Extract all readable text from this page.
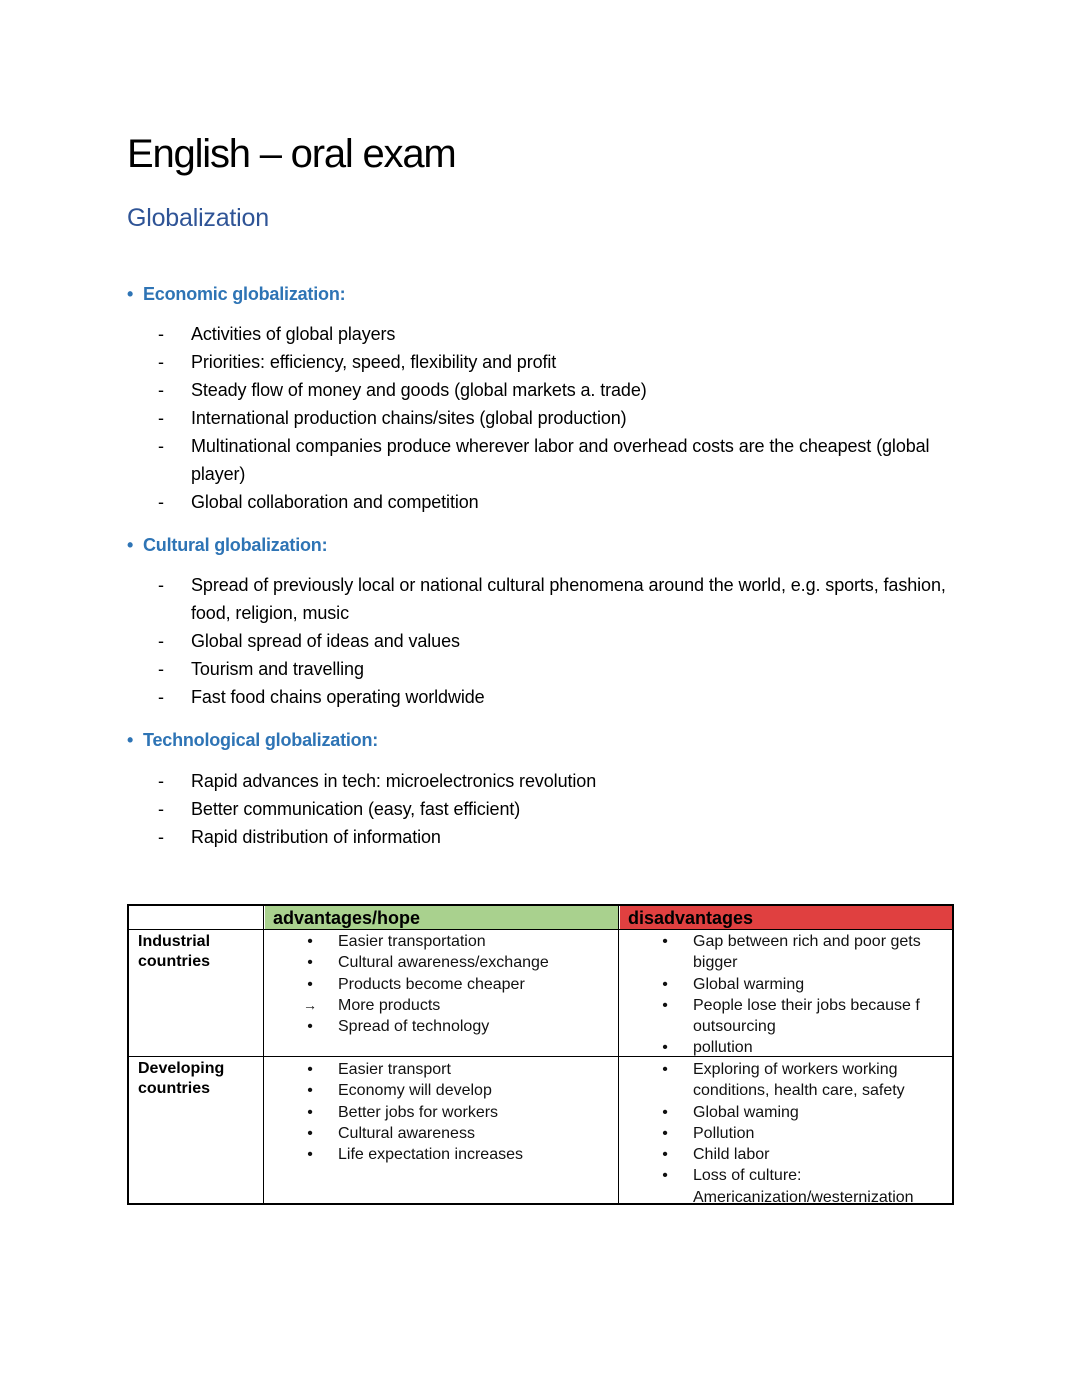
English – oral exam
Globalization
• Economic globalization:
- Activities of global players
- Priorities: efficiency, speed, flexibility and profit
- Steady flow of money and goods (global markets a. trade)
- International production chains/sites (global production)
- Multinational companies produce wherever labor and overhead costs are the cheapest (global player)
- Global collaboration and competition
• Cultural globalization:
- Spread of previously local or national cultural phenomena around the world, e.g. sports, fashion, food, religion, music
- Global spread of ideas and values
- Tourism and travelling
- Fast food chains operating worldwide
• Technological globalization:
- Rapid advances in tech: microelectronics revolution
- Better communication (easy, fast efficient)
- Rapid distribution of information
advantages/hope	disadvantages
Industrial
countries
• Easier transportation
• Cultural awareness/exchange
• Products become cheaper
→ More products
• Spread of technology
• Gap between rich and poor gets
bigger
• Global warming
• People lose their jobs because f
outsourcing
• pollution
Developing
countries
• Easier transport
• Economy will develop
• Better jobs for workers
• Cultural awareness
• Life expectation increases
• Exploring of workers working
conditions, health care, safety
• Global waming
• Pollution
• Child labor
• Loss of culture:
Americanization/westernization
